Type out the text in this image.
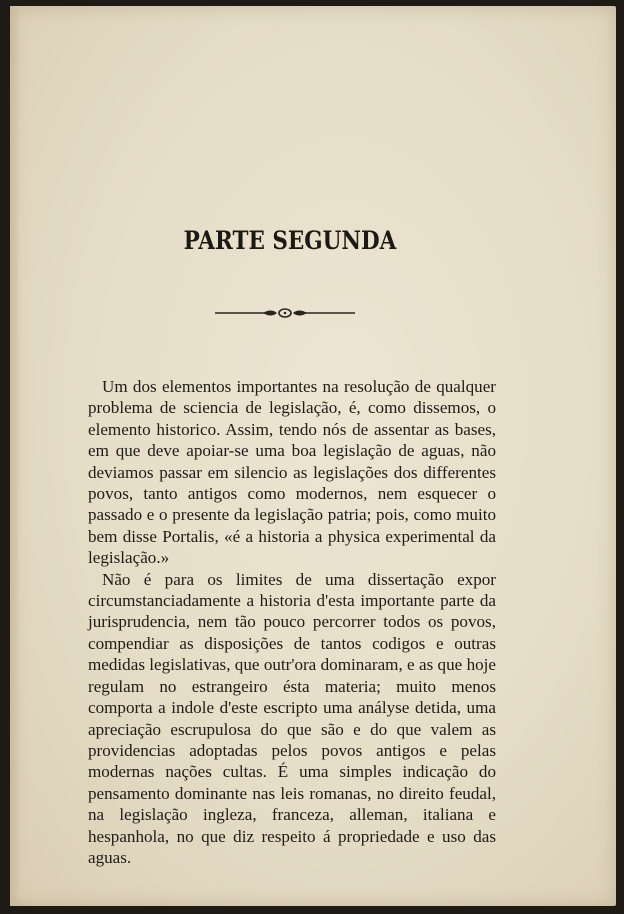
PARTE SEGUNDA

Um dos elementos importantes na resolução de qualquer problema de sciencia de legislação, é, como dissemos, o elemento historico. Assim, tendo nós de assentar as bases, em que deve apoiar-se uma boa legislação de aguas, não deviamos passar em silencio as legislações dos differentes povos, tanto antigos como modernos, nem esquecer o passado e o presente da legislação patria; pois, como muito bem disse Portalis, «é a historia a physica experimental da legislação.»

Não é para os limites de uma dissertação expor circumstanciadamente a historia d'esta importante parte da jurisprudencia, nem tão pouco percorrer todos os povos, compendiar as disposições de tantos codigos e outras medidas legislativas, que outr'ora dominaram, e as que hoje regulam no estrangeiro ésta materia; muito menos comporta a indole d'este escripto uma anályse detida, uma apreciação escrupulosa do que são e do que valem as providencias adoptadas pelos povos antigos e pelas modernas nações cultas. É uma simples indicação do pensamento dominante nas leis romanas, no direito feudal, na legislação ingleza, franceza, alleman, italiana e hespanhola, no que diz respeito á propriedade e uso das aguas.
